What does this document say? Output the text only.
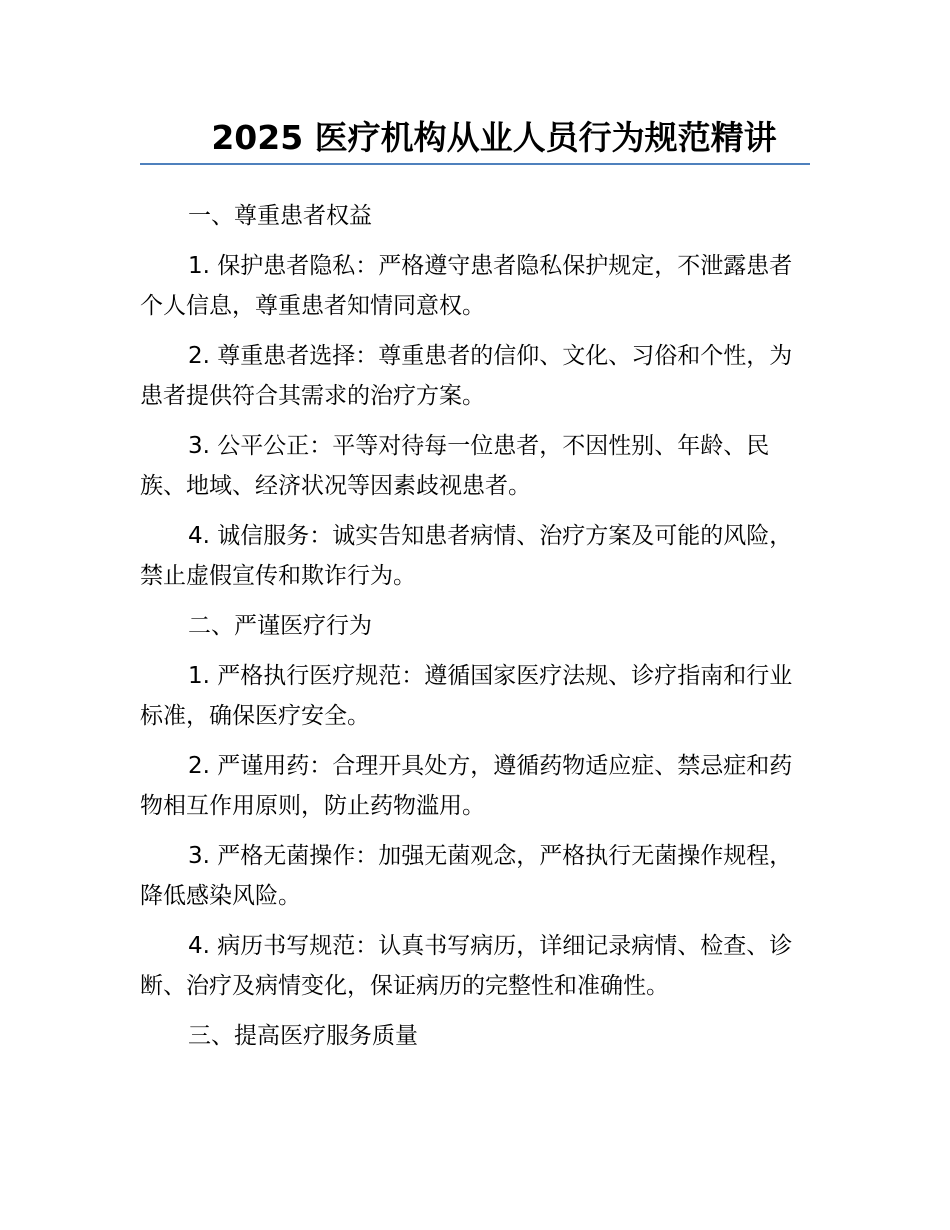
2025 医疗机构从业人员行为规范精讲

一、尊重患者权益

1. 保护患者隐私：严格遵守患者隐私保护规定，不泄露患者个人信息，尊重患者知情同意权。

2. 尊重患者选择：尊重患者的信仰、文化、习俗和个性，为患者提供符合其需求的治疗方案。

3. 公平公正：平等对待每一位患者，不因性别、年龄、民族、地域、经济状况等因素歧视患者。

4. 诚信服务：诚实告知患者病情、治疗方案及可能的风险，禁止虚假宣传和欺诈行为。

二、严谨医疗行为

1. 严格执行医疗规范：遵循国家医疗法规、诊疗指南和行业标准，确保医疗安全。

2. 严谨用药：合理开具处方，遵循药物适应症、禁忌症和药物相互作用原则，防止药物滥用。

3. 严格无菌操作：加强无菌观念，严格执行无菌操作规程，降低感染风险。

4. 病历书写规范：认真书写病历，详细记录病情、检查、诊断、治疗及病情变化，保证病历的完整性和准确性。

三、提高医疗服务质量
